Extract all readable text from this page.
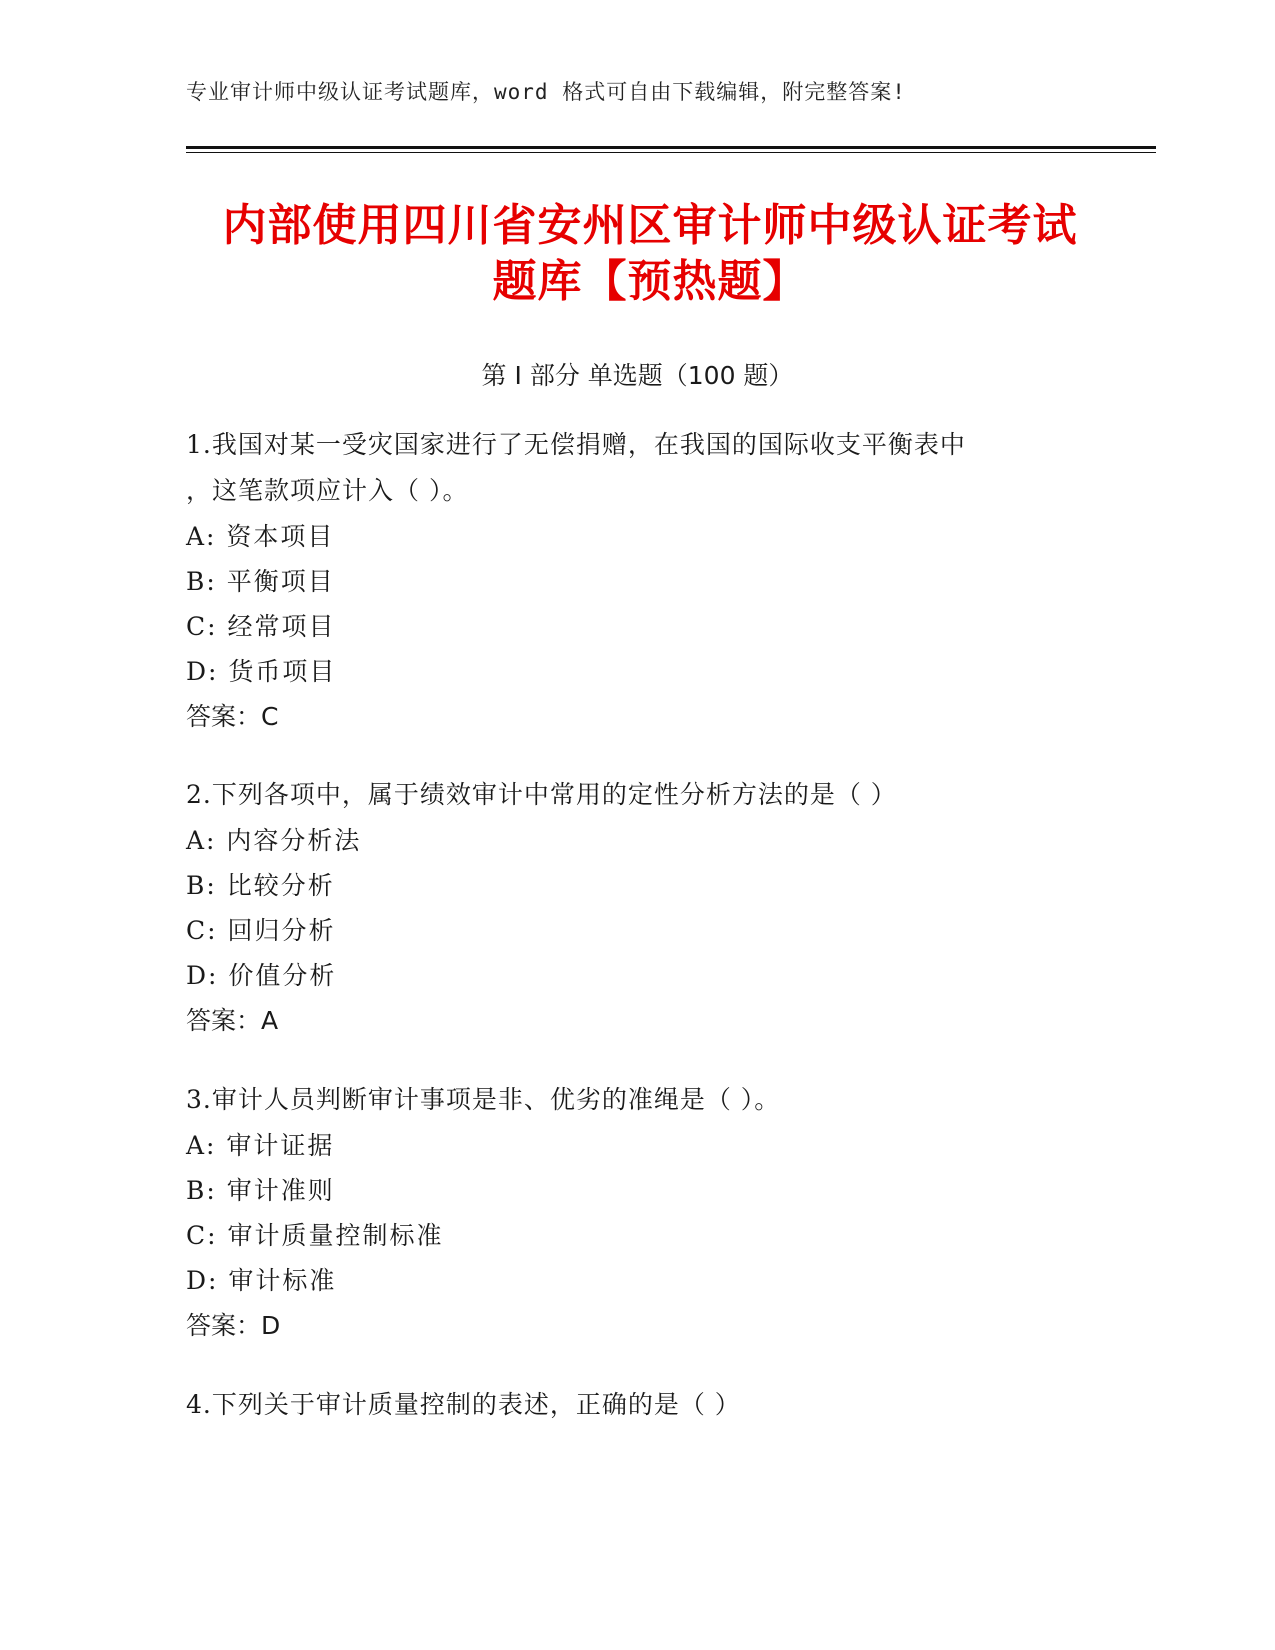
专业审计师中级认证考试题库，word 格式可自由下载编辑，附完整答案!
内部使用四川省安州区审计师中级认证考试
题库【预热题】
第 I 部分 单选题（100 题）

1.我国对某一受灾国家进行了无偿捐赠，在我国的国际收支平衡表中

，这笔款项应计入（ ）。

A: 资本项目

B: 平衡项目

C: 经常项目

D: 货币项目

答案：C

2.下列各项中，属于绩效审计中常用的定性分析方法的是（ ）

A: 内容分析法

B: 比较分析

C: 回归分析

D: 价值分析

答案：A

3.审计人员判断审计事项是非、优劣的准绳是（ ）。

A: 审计证据

B: 审计准则

C: 审计质量控制标准

D: 审计标准

答案：D

4.下列关于审计质量控制的表述，正确的是（ ）
